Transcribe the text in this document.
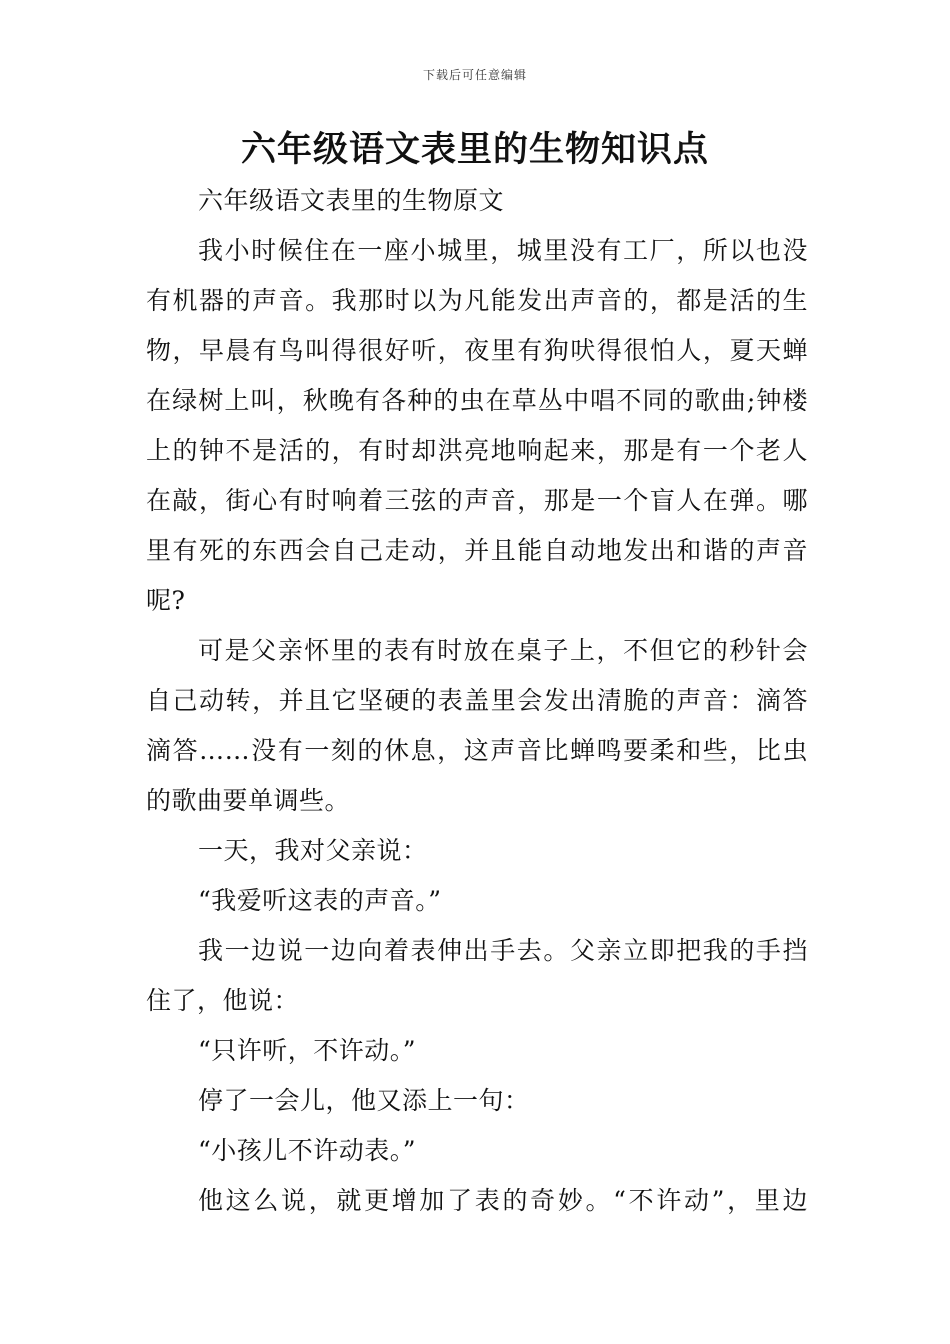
下载后可任意编辑
六年级语文表里的生物知识点

六年级语文表里的生物原文

我小时候住在一座小城里，城里没有工厂，所以也没有机器的声音。我那时以为凡能发出声音的，都是活的生物，早晨有鸟叫得很好听，夜里有狗吠得很怕人，夏天蝉在绿树上叫，秋晚有各种的虫在草丛中唱不同的歌曲;钟楼上的钟不是活的，有时却洪亮地响起来，那是有一个老人在敲，街心有时响着三弦的声音，那是一个盲人在弹。哪里有死的东西会自己走动，并且能自动地发出和谐的声音呢?

可是父亲怀里的表有时放在桌子上，不但它的秒针会自己动转，并且它坚硬的表盖里会发出清脆的声音：滴答滴答……没有一刻的休息，这声音比蝉鸣要柔和些，比虫的歌曲要单调些。

一天，我对父亲说：

“我爱听这表的声音。”

我一边说一边向着表伸出手去。父亲立即把我的手挡住了，他说：

“只许听，不许动。”

停了一会儿，他又添上一句：

“小孩儿不许动表。”

他这么说，就更增加了表的奇妙。“不许动”，里边
